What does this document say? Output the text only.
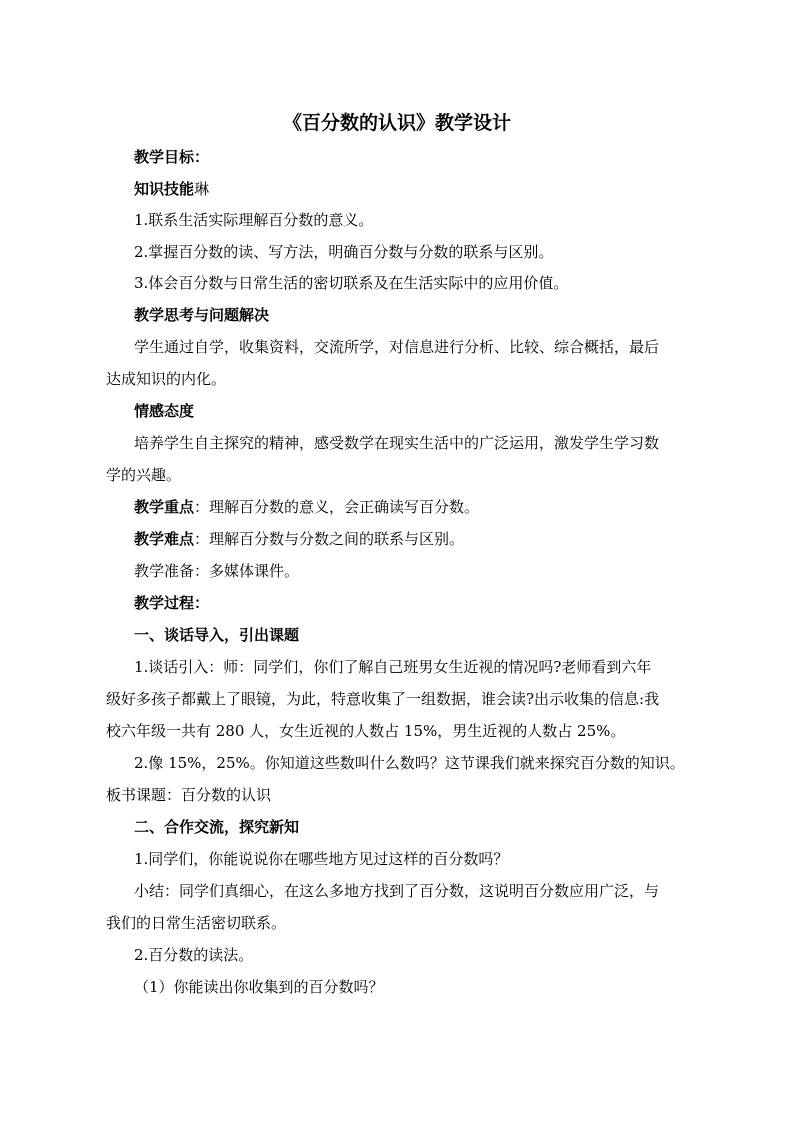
《百分数的认识》教学设计
教学目标：
知识技能琳
1.联系生活实际理解百分数的意义。
2.掌握百分数的读、写方法，明确百分数与分数的联系与区别。
3.体会百分数与日常生活的密切联系及在生活实际中的应用价值。
教学思考与问题解决
学生通过自学，收集资料，交流所学，对信息进行分析、比较、综合概括，最后
达成知识的内化。
情感态度
培养学生自主探究的精神，感受数学在现实生活中的广泛运用，激发学生学习数
学的兴趣。
教学重点：理解百分数的意义，会正确读写百分数。
教学难点：理解百分数与分数之间的联系与区别。
教学准备：多媒体课件。
教学过程：
一、谈话导入，引出课题
1.谈话引入：师：同学们，你们了解自己班男女生近视的情况吗?老师看到六年
级好多孩子都戴上了眼镜，为此，特意收集了一组数据，谁会读?出示收集的信息:我
校六年级一共有 280 人，女生近视的人数占 15%，男生近视的人数占 25%。
2.像 15%，25%。你知道这些数叫什么数吗？这节课我们就来探究百分数的知识。
板书课题：百分数的认识
二、合作交流，探究新知
1.同学们，你能说说你在哪些地方见过这样的百分数吗？
小结：同学们真细心，在这么多地方找到了百分数，这说明百分数应用广泛，与
我们的日常生活密切联系。
2.百分数的读法。
（1）你能读出你收集到的百分数吗？
